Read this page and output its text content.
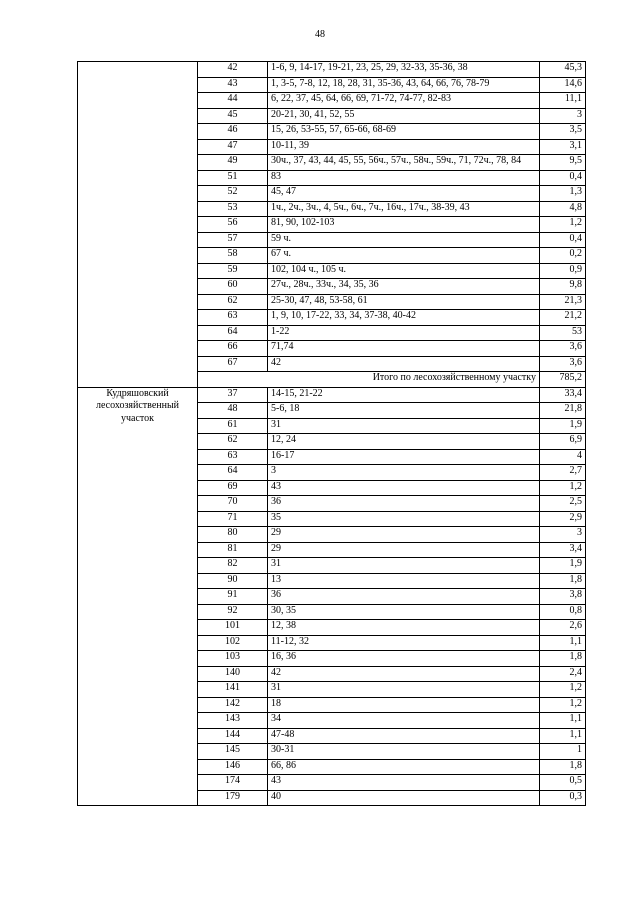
48
	42	1-6, 9, 14-17, 19-21, 23, 25, 29, 32-33, 35-36, 38	45,3
	43	1, 3-5, 7-8, 12, 18, 28, 31, 35-36, 43, 64, 66, 76, 78-79	14,6
	44	6, 22, 37, 45, 64, 66, 69, 71-72, 74-77, 82-83	11,1
	45	20-21, 30, 41, 52, 55	3
	46	15, 26, 53-55, 57, 65-66, 68-69	3,5
	47	10-11, 39	3,1
	49	30ч., 37, 43, 44, 45, 55, 56ч., 57ч., 58ч., 59ч., 71, 72ч., 78, 84	9,5
	51	83	0,4
	52	45, 47	1,3
	53	1ч., 2ч., 3ч., 4, 5ч., 6ч., 7ч., 16ч., 17ч., 38-39, 43	4,8
	56	81, 90, 102-103	1,2
	57	59 ч.	0,4
	58	67 ч.	0,2
	59	102, 104 ч., 105 ч.	0,9
	60	27ч., 28ч., 33ч., 34, 35, 36	9,8
	62	25-30, 47, 48, 53-58, 61	21,3
	63	1, 9, 10, 17-22, 33, 34, 37-38, 40-42	21,2
	64	1-22	53
	66	71,74	3,6
	67	42	3,6
	Итого по лесохозяйственному участку		785,2
Кудряшовский лесохозяйственный участок	37	14-15, 21-22	33,4
	48	5-6, 18	21,8
	61	31	1,9
	62	12, 24	6,9
	63	16-17	4
	64	3	2,7
	69	43	1,2
	70	36	2,5
	71	35	2,9
	80	29	3
	81	29	3,4
	82	31	1,9
	90	13	1,8
	91	36	3,8
	92	30, 35	0,8
	101	12, 38	2,6
	102	11-12, 32	1,1
	103	16, 36	1,8
	140	42	2,4
	141	31	1,2
	142	18	1,2
	143	34	1,1
	144	47-48	1,1
	145	30-31	1
	146	66, 86	1,8
	174	43	0,5
	179	40	0,3
